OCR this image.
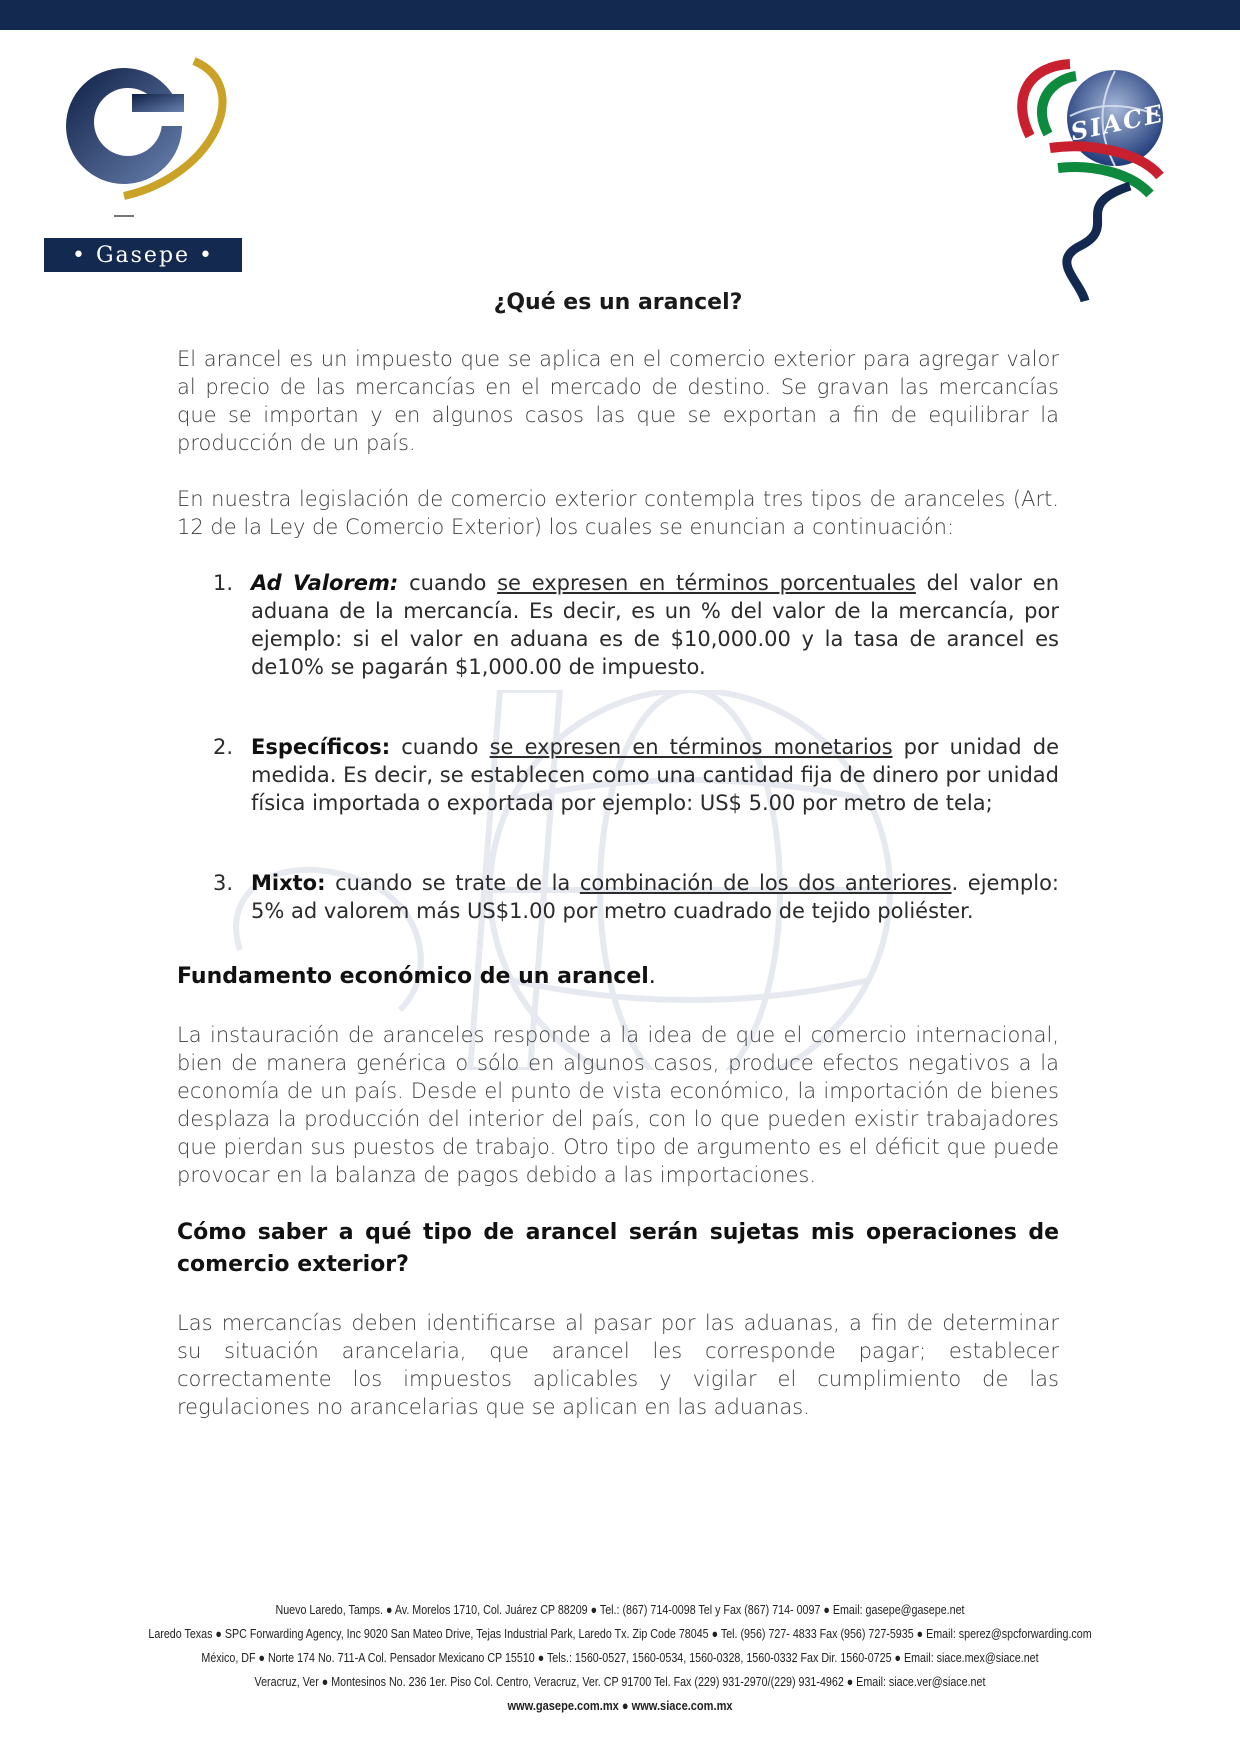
• Gasepe •
SIACE
¿Qué es un arancel?

El arancel es un impuesto que se aplica en el comercio exterior para agregar valor al precio de las mercancías en el mercado de destino. Se gravan las mercancías que se importan y en algunos casos las que se exportan a fin de equilibrar la producción de un país.

En nuestra legislación de comercio exterior contempla tres tipos de aranceles (Art. 12 de la Ley de Comercio Exterior) los cuales se enuncian a continuación:

1. Ad Valorem: cuando se expresen en términos porcentuales del valor en aduana de la mercancía. Es decir, es un % del valor de la mercancía, por ejemplo: si el valor en aduana es de $10,000.00 y la tasa de arancel es de10% se pagarán $1,000.00 de impuesto.
2. Específicos: cuando se expresen en términos monetarios por unidad de medida. Es decir, se establecen como una cantidad fija de dinero por unidad física importada o exportada por ejemplo: US$ 5.00 por metro de tela;
3. Mixto: cuando se trate de la combinación de los dos anteriores. ejemplo: 5% ad valorem más US$1.00 por metro cuadrado de tejido poliéster.
Fundamento económico de un arancel.

La instauración de aranceles responde a la idea de que el comercio internacional, bien de manera genérica o sólo en algunos casos, produce efectos negativos a la economía de un país. Desde el punto de vista económico, la importación de bienes desplaza la producción del interior del país, con lo que pueden existir trabajadores que pierdan sus puestos de trabajo. Otro tipo de argumento es el déficit que puede provocar en la balanza de pagos debido a las importaciones.

Cómo saber a qué tipo de arancel serán sujetas mis operaciones de comercio exterior?

Las mercancías deben identificarse al pasar por las aduanas, a fin de determinar su situación arancelaria, que arancel les corresponde pagar; establecer correctamente los impuestos aplicables y vigilar el cumplimiento de las regulaciones no arancelarias que se aplican en las aduanas.

Nuevo Laredo, Tamps. ● Av. Morelos 1710, Col. Juárez CP 88209 ● Tel.: (867) 714-0098 Tel y Fax (867) 714- 0097 ● Email: gasepe@gasepe.net
Laredo Texas ● SPC Forwarding Agency, Inc 9020 San Mateo Drive, Tejas Industrial Park, Laredo Tx. Zip Code 78045 ● Tel. (956) 727- 4833 Fax (956) 727-5935 ● Email: sperez@spcforwarding.com
México, DF ● Norte 174 No. 711-A Col. Pensador Mexicano CP 15510 ● Tels.: 1560-0527, 1560-0534, 1560-0328, 1560-0332 Fax Dir. 1560-0725 ● Email: siace.mex@siace.net
Veracruz, Ver ● Montesinos No. 236 1er. Piso Col. Centro, Veracruz, Ver. CP 91700 Tel. Fax (229) 931-2970/(229) 931-4962 ● Email: siace.ver@siace.net
www.gasepe.com.mx ● www.siace.com.mx
